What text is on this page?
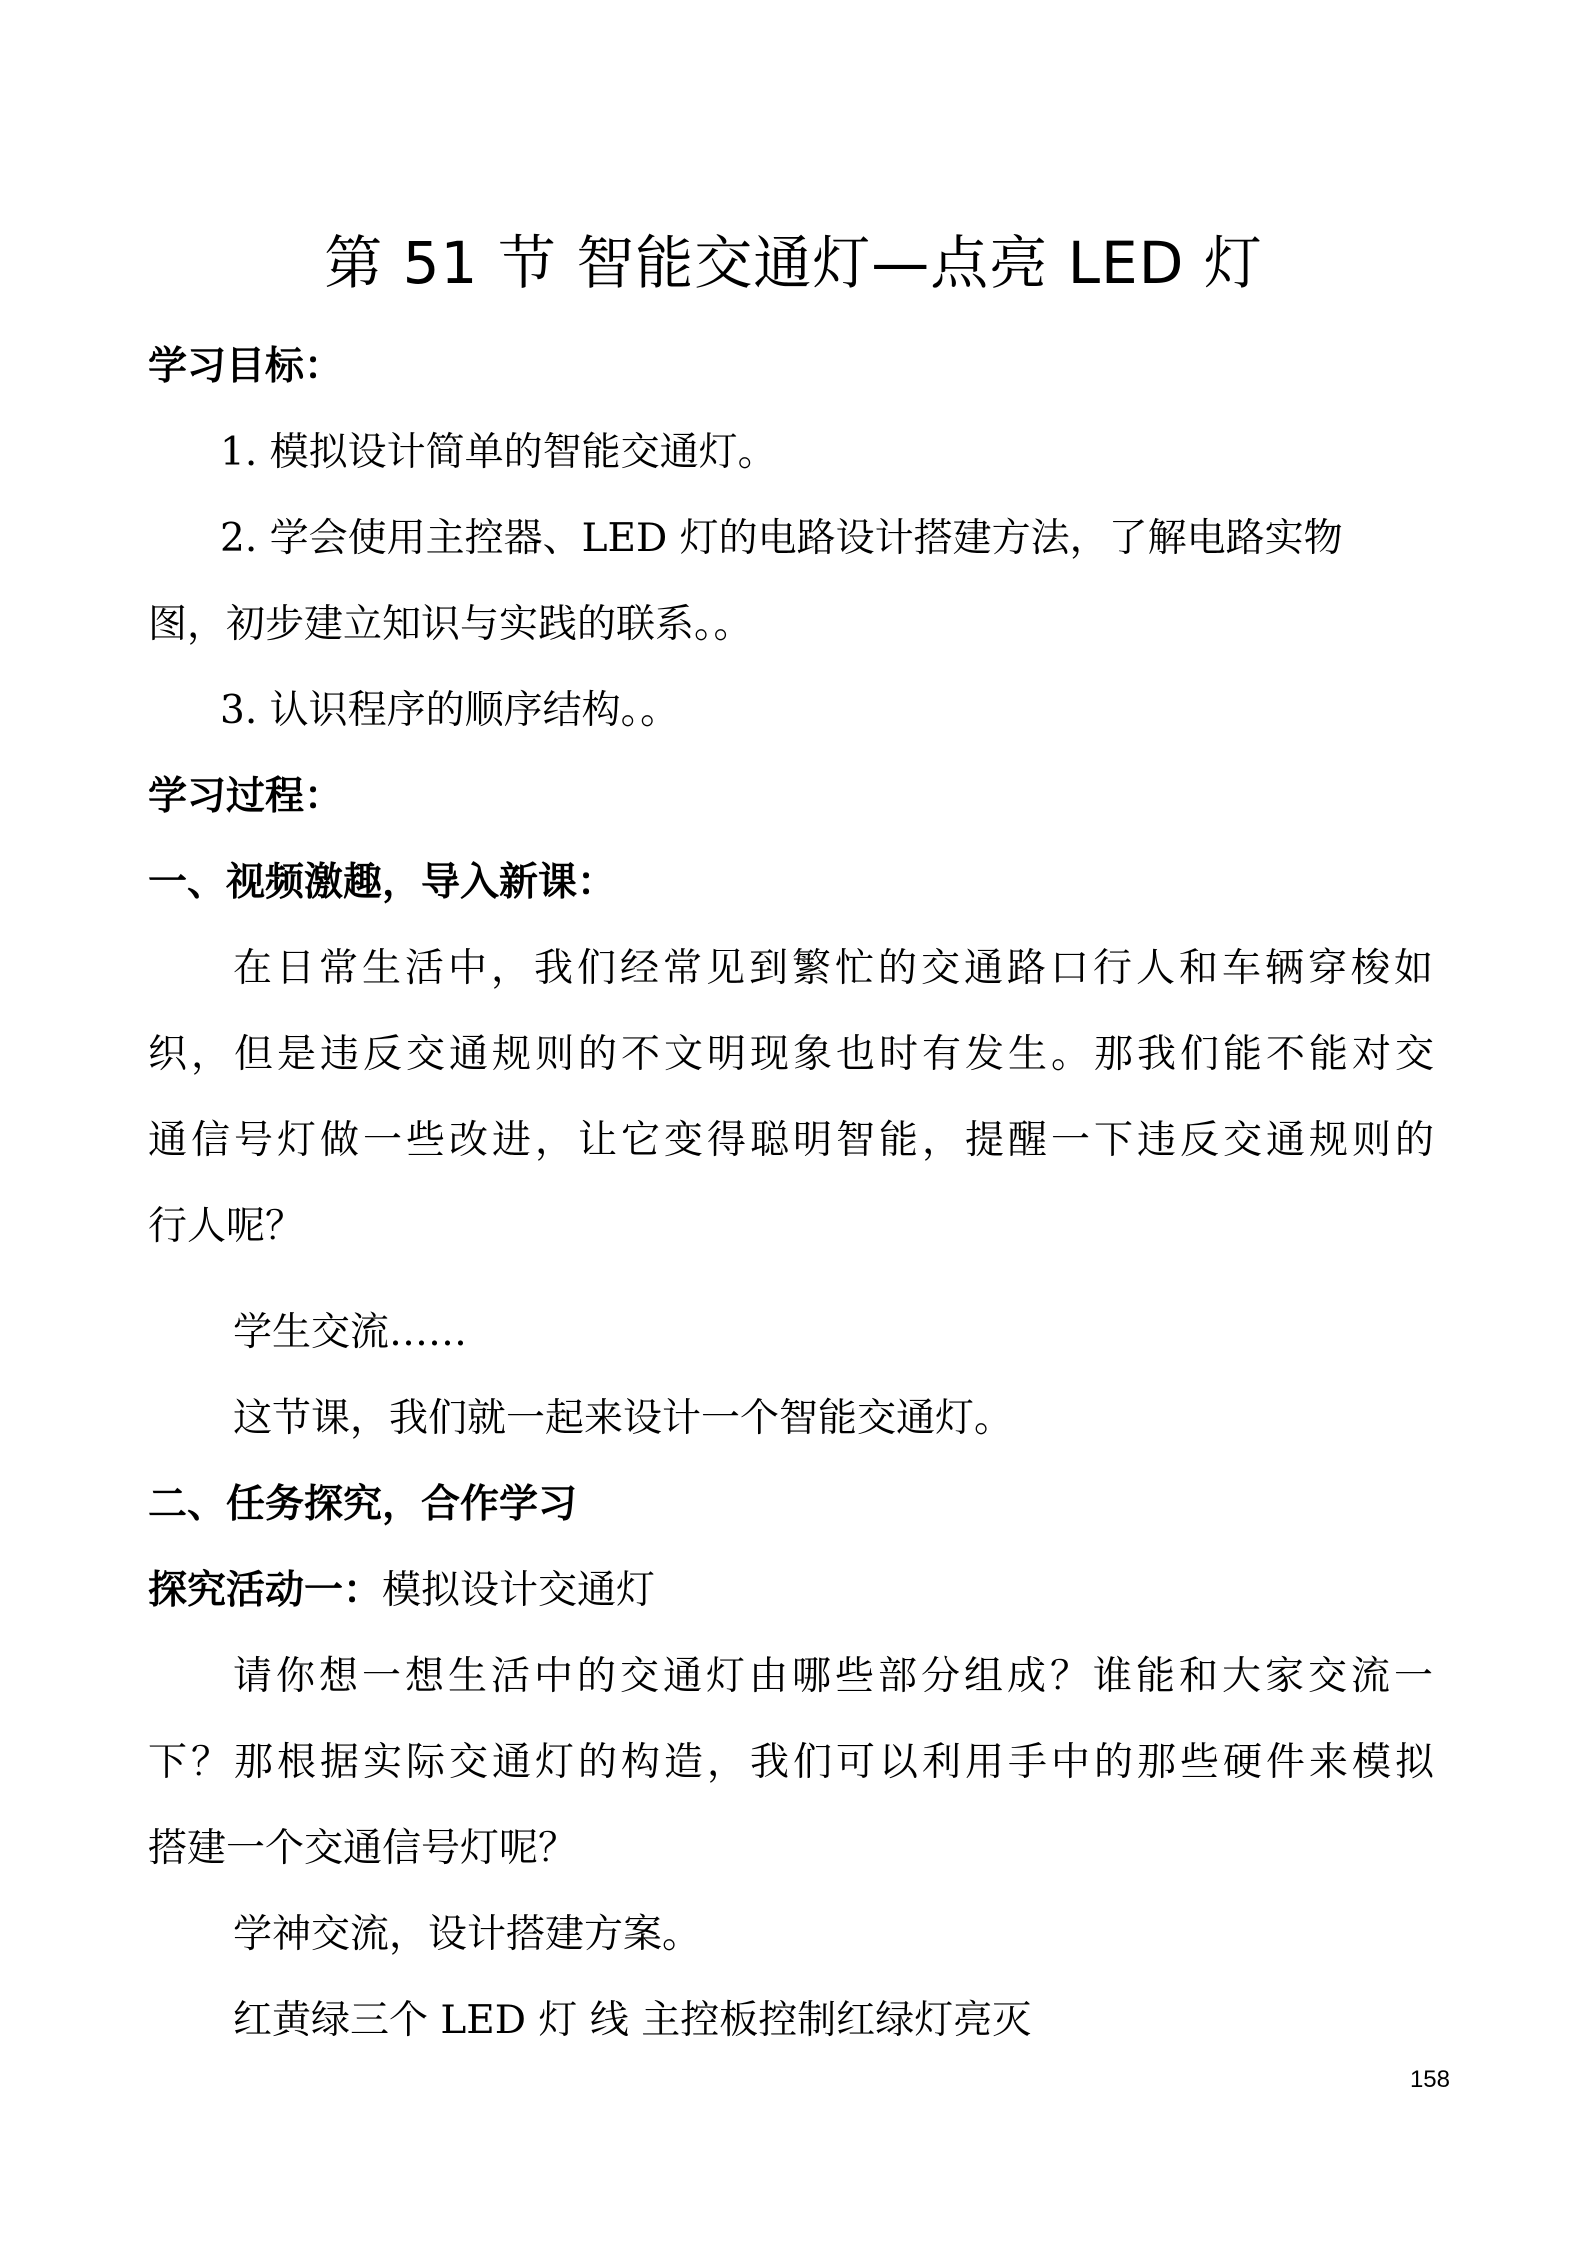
第 51 节 智能交通灯—点亮 LED 灯

学习目标：

1. 模拟设计简单的智能交通灯。

2. 学会使用主控器、LED 灯的电路设计搭建方法，了解电路实物

图，初步建立知识与实践的联系。。

3. 认识程序的顺序结构。。

学习过程：

一、视频激趣，导入新课：

在日常生活中，我们经常见到繁忙的交通路口行人和车辆穿梭如

织，但是违反交通规则的不文明现象也时有发生。那我们能不能对交

通信号灯做一些改进，让它变得聪明智能，提醒一下违反交通规则的

行人呢？

学生交流……

这节课，我们就一起来设计一个智能交通灯。

二、任务探究，合作学习

探究活动一：模拟设计交通灯

请你想一想生活中的交通灯由哪些部分组成？谁能和大家交流一

下？那根据实际交通灯的构造，我们可以利用手中的那些硬件来模拟

搭建一个交通信号灯呢？

学神交流，设计搭建方案。

红黄绿三个 LED 灯 线 主控板控制红绿灯亮灭

158
